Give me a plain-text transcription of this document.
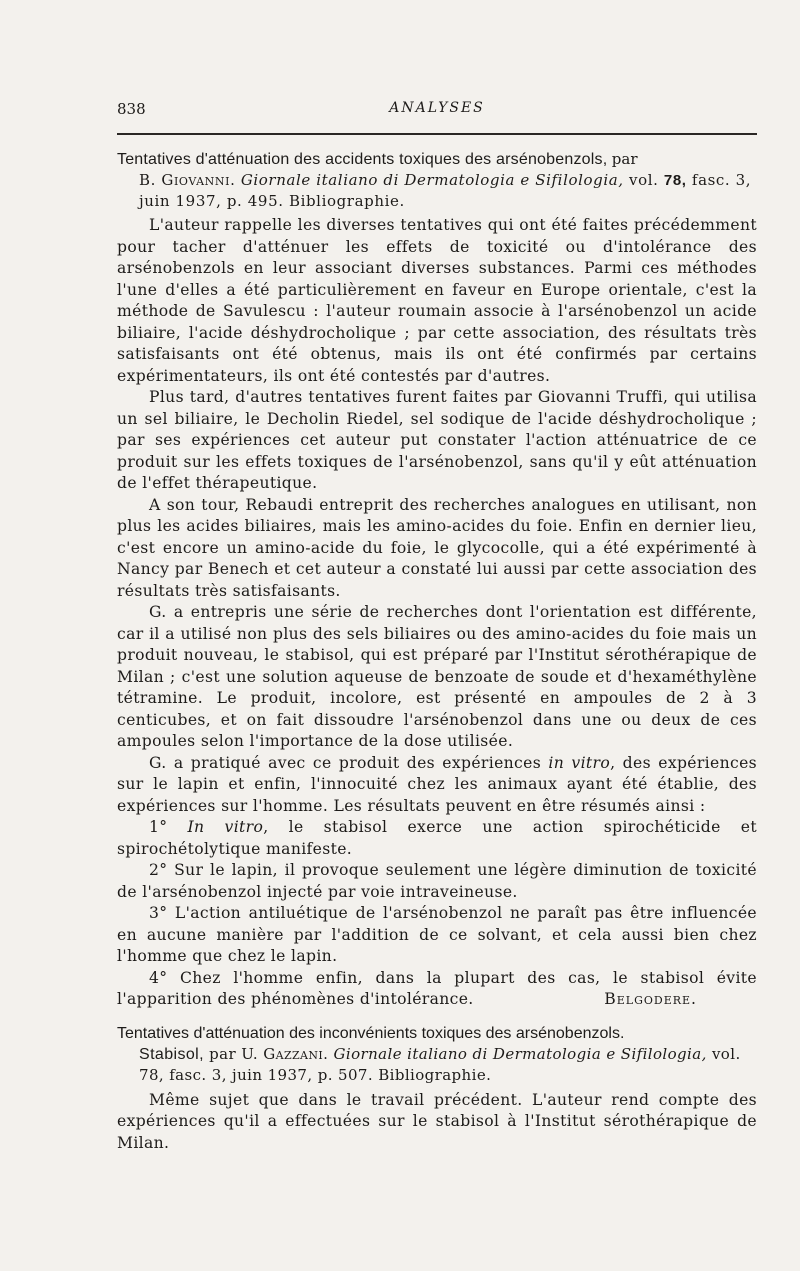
838	ANALYSES
Tentatives d'atténuation des accidents toxiques des arsénobenzols, par
B. Giovanni. Giornale italiano di Dermatologia e Sifilologia, vol. 78, fasc. 3, juin 1937, p. 495. Bibliographie.

L'auteur rappelle les diverses tentatives qui ont été faites précédemment pour tacher d'atténuer les effets de toxicité ou d'intolérance des arsénobenzols en leur associant diverses substances. Parmi ces méthodes l'une d'elles a été particulièrement en faveur en Europe orientale, c'est la méthode de Savulescu : l'auteur roumain associe à l'arsénobenzol un acide biliaire, l'acide déshydrocholique ; par cette association, des résultats très satisfaisants ont été obtenus, mais ils ont été confirmés par certains expérimentateurs, ils ont été contestés par d'autres.

Plus tard, d'autres tentatives furent faites par Giovanni Truffi, qui utilisa un sel biliaire, le Decholin Riedel, sel sodique de l'acide déshydrocholique ; par ses expériences cet auteur put constater l'action atténuatrice de ce produit sur les effets toxiques de l'arsénobenzol, sans qu'il y eût atténuation de l'effet thérapeutique.

A son tour, Rebaudi entreprit des recherches analogues en utilisant, non plus les acides biliaires, mais les amino-acides du foie. Enfin en dernier lieu, c'est encore un amino-acide du foie, le glycocolle, qui a été expérimenté à Nancy par Benech et cet auteur a constaté lui aussi par cette association des résultats très satisfaisants.

G. a entrepris une série de recherches dont l'orientation est différente, car il a utilisé non plus des sels biliaires ou des amino-acides du foie mais un produit nouveau, le stabisol, qui est préparé par l'Institut sérothérapique de Milan ; c'est une solution aqueuse de benzoate de soude et d'hexaméthylène tétramine. Le produit, incolore, est présenté en ampoules de 2 à 3 centicubes, et on fait dissoudre l'arsénobenzol dans une ou deux de ces ampoules selon l'importance de la dose utilisée.

G. a pratiqué avec ce produit des expériences in vitro, des expériences sur le lapin et enfin, l'innocuité chez les animaux ayant été établie, des expériences sur l'homme. Les résultats peuvent en être résumés ainsi :

1° In vitro, le stabisol exerce une action spirochéticide et spirochétolytique manifeste.

2° Sur le lapin, il provoque seulement une légère diminution de toxicité de l'arsénobenzol injecté par voie intraveineuse.

3° L'action antiluétique de l'arsénobenzol ne paraît pas être influencée en aucune manière par l'addition de ce solvant, et cela aussi bien chez l'homme que chez le lapin.

4° Chez l'homme enfin, dans la plupart des cas, le stabisol évite l'apparition des phénomènes d'intolérance.	Belgodere.

Tentatives d'atténuation des inconvénients toxiques des arsénobenzols.
Stabisol, par U. Gazzani. Giornale italiano di Dermatologia e Sifilologia, vol. 78, fasc. 3, juin 1937, p. 507. Bibliographie.

Même sujet que dans le travail précédent. L'auteur rend compte des expériences qu'il a effectuées sur le stabisol à l'Institut sérothérapique de Milan.
